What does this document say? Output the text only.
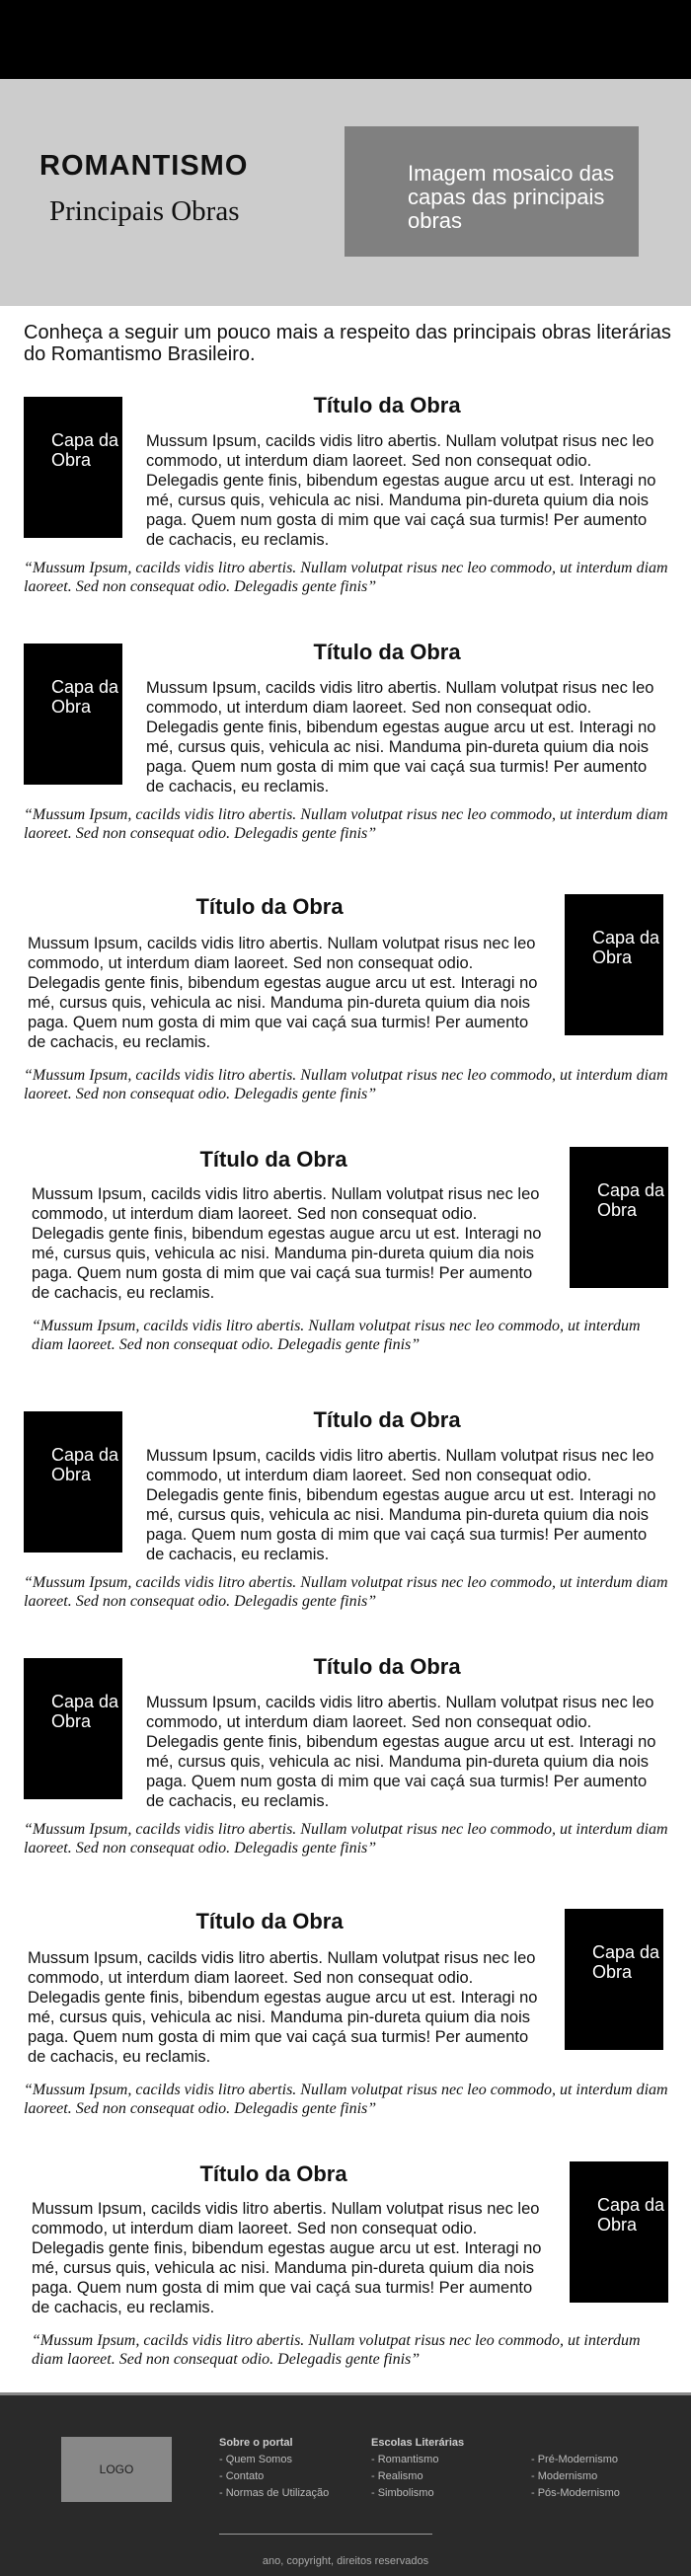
ROMANTISMO
Principais Obras
Imagem mosaico das capas das principais obras
Conheça a seguir um pouco mais a respeito das principais obras literárias do Romantismo Brasileiro.
Capa da Obra
Título da Obra
Mussum Ipsum, cacilds vidis litro abertis. Nullam volutpat risus nec leo commodo, ut interdum diam laoreet. Sed non consequat odio. Delegadis gente finis, bibendum egestas augue arcu ut est. Interagi no mé, cursus quis, vehicula ac nisi. Manduma pin-dureta quium dia nois paga. Quem num gosta di mim que vai caçá sua turmis! Per aumento de cachacis, eu reclamis.
“Mussum Ipsum, cacilds vidis litro abertis. Nullam volutpat risus nec leo commodo, ut interdum diam laoreet. Sed non consequat odio. Delegadis gente finis”
Capa da Obra
Título da Obra
Mussum Ipsum, cacilds vidis litro abertis. Nullam volutpat risus nec leo commodo, ut interdum diam laoreet. Sed non consequat odio. Delegadis gente finis, bibendum egestas augue arcu ut est. Interagi no mé, cursus quis, vehicula ac nisi. Manduma pin-dureta quium dia nois paga. Quem num gosta di mim que vai caçá sua turmis! Per aumento de cachacis, eu reclamis.
“Mussum Ipsum, cacilds vidis litro abertis. Nullam volutpat risus nec leo commodo, ut interdum diam laoreet. Sed non consequat odio. Delegadis gente finis”
Capa da Obra
Título da Obra
Mussum Ipsum, cacilds vidis litro abertis. Nullam volutpat risus nec leo commodo, ut interdum diam laoreet. Sed non consequat odio. Delegadis gente finis, bibendum egestas augue arcu ut est. Interagi no mé, cursus quis, vehicula ac nisi. Manduma pin-dureta quium dia nois paga. Quem num gosta di mim que vai caçá sua turmis! Per aumento de cachacis, eu reclamis.
“Mussum Ipsum, cacilds vidis litro abertis. Nullam volutpat risus nec leo commodo, ut interdum diam laoreet. Sed non consequat odio. Delegadis gente finis”
Capa da Obra
Título da Obra
Mussum Ipsum, cacilds vidis litro abertis. Nullam volutpat risus nec leo commodo, ut interdum diam laoreet. Sed non consequat odio. Delegadis gente finis, bibendum egestas augue arcu ut est. Interagi no mé, cursus quis, vehicula ac nisi. Manduma pin-dureta quium dia nois paga. Quem num gosta di mim que vai caçá sua turmis! Per aumento de cachacis, eu reclamis.
“Mussum Ipsum, cacilds vidis litro abertis. Nullam volutpat risus nec leo commodo, ut interdum diam laoreet. Sed non consequat odio. Delegadis gente finis”
Capa da Obra
Título da Obra
Mussum Ipsum, cacilds vidis litro abertis. Nullam volutpat risus nec leo commodo, ut interdum diam laoreet. Sed non consequat odio. Delegadis gente finis, bibendum egestas augue arcu ut est. Interagi no mé, cursus quis, vehicula ac nisi. Manduma pin-dureta quium dia nois paga. Quem num gosta di mim que vai caçá sua turmis! Per aumento de cachacis, eu reclamis.
“Mussum Ipsum, cacilds vidis litro abertis. Nullam volutpat risus nec leo commodo, ut interdum diam laoreet. Sed non consequat odio. Delegadis gente finis”
Capa da Obra
Título da Obra
Mussum Ipsum, cacilds vidis litro abertis. Nullam volutpat risus nec leo commodo, ut interdum diam laoreet. Sed non consequat odio. Delegadis gente finis, bibendum egestas augue arcu ut est. Interagi no mé, cursus quis, vehicula ac nisi. Manduma pin-dureta quium dia nois paga. Quem num gosta di mim que vai caçá sua turmis! Per aumento de cachacis, eu reclamis.
“Mussum Ipsum, cacilds vidis litro abertis. Nullam volutpat risus nec leo commodo, ut interdum diam laoreet. Sed non consequat odio. Delegadis gente finis”
Capa da Obra
Título da Obra
Mussum Ipsum, cacilds vidis litro abertis. Nullam volutpat risus nec leo commodo, ut interdum diam laoreet. Sed non consequat odio. Delegadis gente finis, bibendum egestas augue arcu ut est. Interagi no mé, cursus quis, vehicula ac nisi. Manduma pin-dureta quium dia nois paga. Quem num gosta di mim que vai caçá sua turmis! Per aumento de cachacis, eu reclamis.
“Mussum Ipsum, cacilds vidis litro abertis. Nullam volutpat risus nec leo commodo, ut interdum diam laoreet. Sed non consequat odio. Delegadis gente finis”
Capa da Obra
Título da Obra
Mussum Ipsum, cacilds vidis litro abertis. Nullam volutpat risus nec leo commodo, ut interdum diam laoreet. Sed non consequat odio. Delegadis gente finis, bibendum egestas augue arcu ut est. Interagi no mé, cursus quis, vehicula ac nisi. Manduma pin-dureta quium dia nois paga. Quem num gosta di mim que vai caçá sua turmis! Per aumento de cachacis, eu reclamis.
“Mussum Ipsum, cacilds vidis litro abertis. Nullam volutpat risus nec leo commodo, ut interdum diam laoreet. Sed non consequat odio. Delegadis gente finis”
LOGO
Sobre o portal
- Quem Somos
- Contato
- Normas de Utilização
Escolas Literárias
- Romantismo
- Realismo
- Simbolismo
- Pré-Modernismo
- Modernismo
- Pós-Modernismo
ano, copyright, direitos reservados
